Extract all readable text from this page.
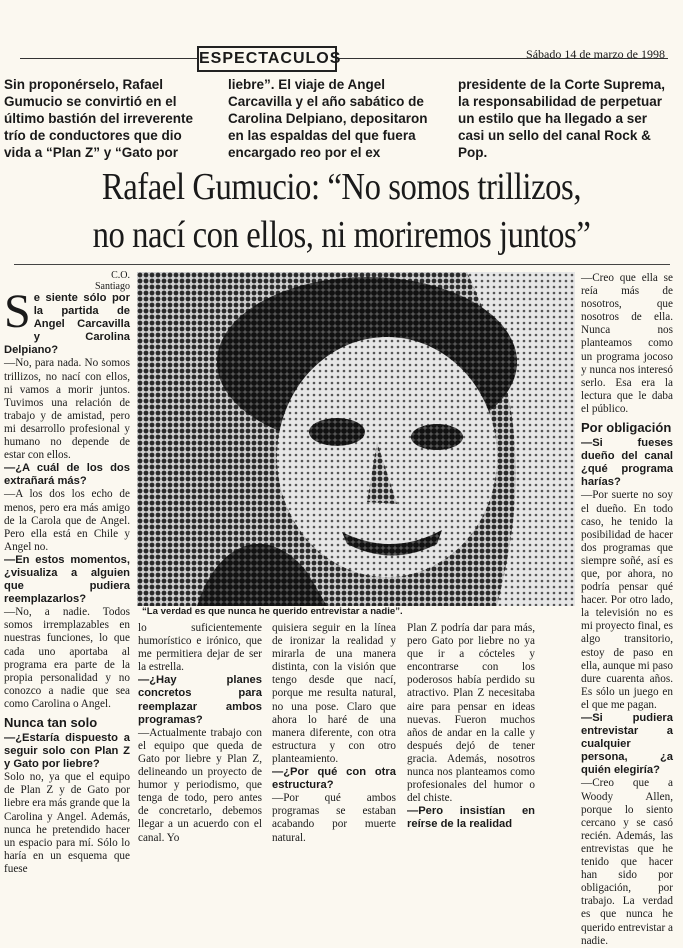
ESPECTACULOS	Sábado 14 de marzo de 1998
Sin proponérselo, Rafael Gumucio se convirtió en el último bastión del irreverente trío de conductores que dio vida a “Plan Z” y “Gato por
liebre”. El viaje de Angel Carcavilla y el año sabático de Carolina Delpiano, depositaron en las espaldas del que fuera encargado reo por el ex
presidente de la Corte Suprema, la responsabilidad de perpetuar un estilo que ha llegado a ser casi un sello del canal Rock & Pop.
Rafael Gumucio: “No somos trillizos,
no nací con ellos, ni moriremos juntos”
C.O.
Santiago

Se siente sólo por la partida de Angel Carcavilla y Carolina Delpiano?

—No, para nada. No somos trillizos, no nací con ellos, ni vamos a morir juntos. Tuvimos una relación de trabajo y de amistad, pero mi desarrollo profesional y humano no depende de estar con ellos.

—¿A cuál de los dos extrañará más?

—A los dos los echo de menos, pero era más amigo de la Carola que de Angel. Pero ella está en Chile y Angel no.

—En estos momentos, ¿visualiza a alguien que pudiera reemplazarlos?

—No, a nadie. Todos somos irremplazables en nuestras funciones, lo que cada uno aportaba al programa era parte de la propia personalidad y no conozco a nadie que sea como Carolina o Angel.

Nunca tan solo

—¿Estaría dispuesto a seguir solo con Plan Z y Gato por liebre?

Solo no, ya que el equipo de Plan Z y de Gato por liebre era más grande que la Carolina y Angel. Además, nunca he pretendido hacer un espacio para mí. Sólo lo haría en un esquema que fuese

“La verdad es que nunca he querido entrevistar a nadie”.

lo suficientemente humorístico e irónico, que me permitiera dejar de ser la estrella.

—¿Hay planes concretos para reemplazar ambos programas?

—Actualmente trabajo con el equipo que queda de Gato por liebre y Plan Z, delineando un proyecto de humor y periodismo, que tenga de todo, pero antes de concretarlo, debemos llegar a un acuerdo con el canal. Yo

quisiera seguir en la línea de ironizar la realidad y mirarla de una manera distinta, con la visión que tengo desde que nací, porque me resulta natural, no una pose. Claro que ahora lo haré de una manera diferente, con otra estructura y con otro planteamiento.

—¿Por qué con otra estructura?

—Por qué ambos programas se estaban acabando por muerte natural.

Plan Z podría dar para más, pero Gato por liebre no ya que ir a cócteles y encontrarse con los poderosos había perdido su atractivo. Plan Z necesitaba aire para pensar en ideas nuevas. Fueron muchos años de andar en la calle y después dejó de tener gracia. Además, nosotros nunca nos planteamos como profesionales del humor o del chiste.

—Pero insistían en reírse de la realidad

—Creo que ella se reía más de nosotros, que nosotros de ella. Nunca nos planteamos como un programa jocoso y nunca nos interesó serlo. Esa era la lectura que le daba el público.

Por obligación

—Si fueses dueño del canal ¿qué programa harías?

—Por suerte no soy el dueño. En todo caso, he tenido la posibilidad de hacer dos programas que siempre soñé, así es que, por ahora, no podría pensar qué hacer. Por otro lado, la televisión no es mi proyecto final, es algo transitorio, estoy de paso en ella, aunque mi paso dure cuarenta años. Es sólo un juego en el que me pagan.

—Si pudiera entrevistar a cualquier persona, ¿a quién elegiría?

—Creo que a Woody Allen, porque lo siento cercano y se casó recién. Además, las entrevistas que he tenido que hacer han sido por obligación, por trabajo. La verdad es que nunca he querido entrevistar a nadie.
